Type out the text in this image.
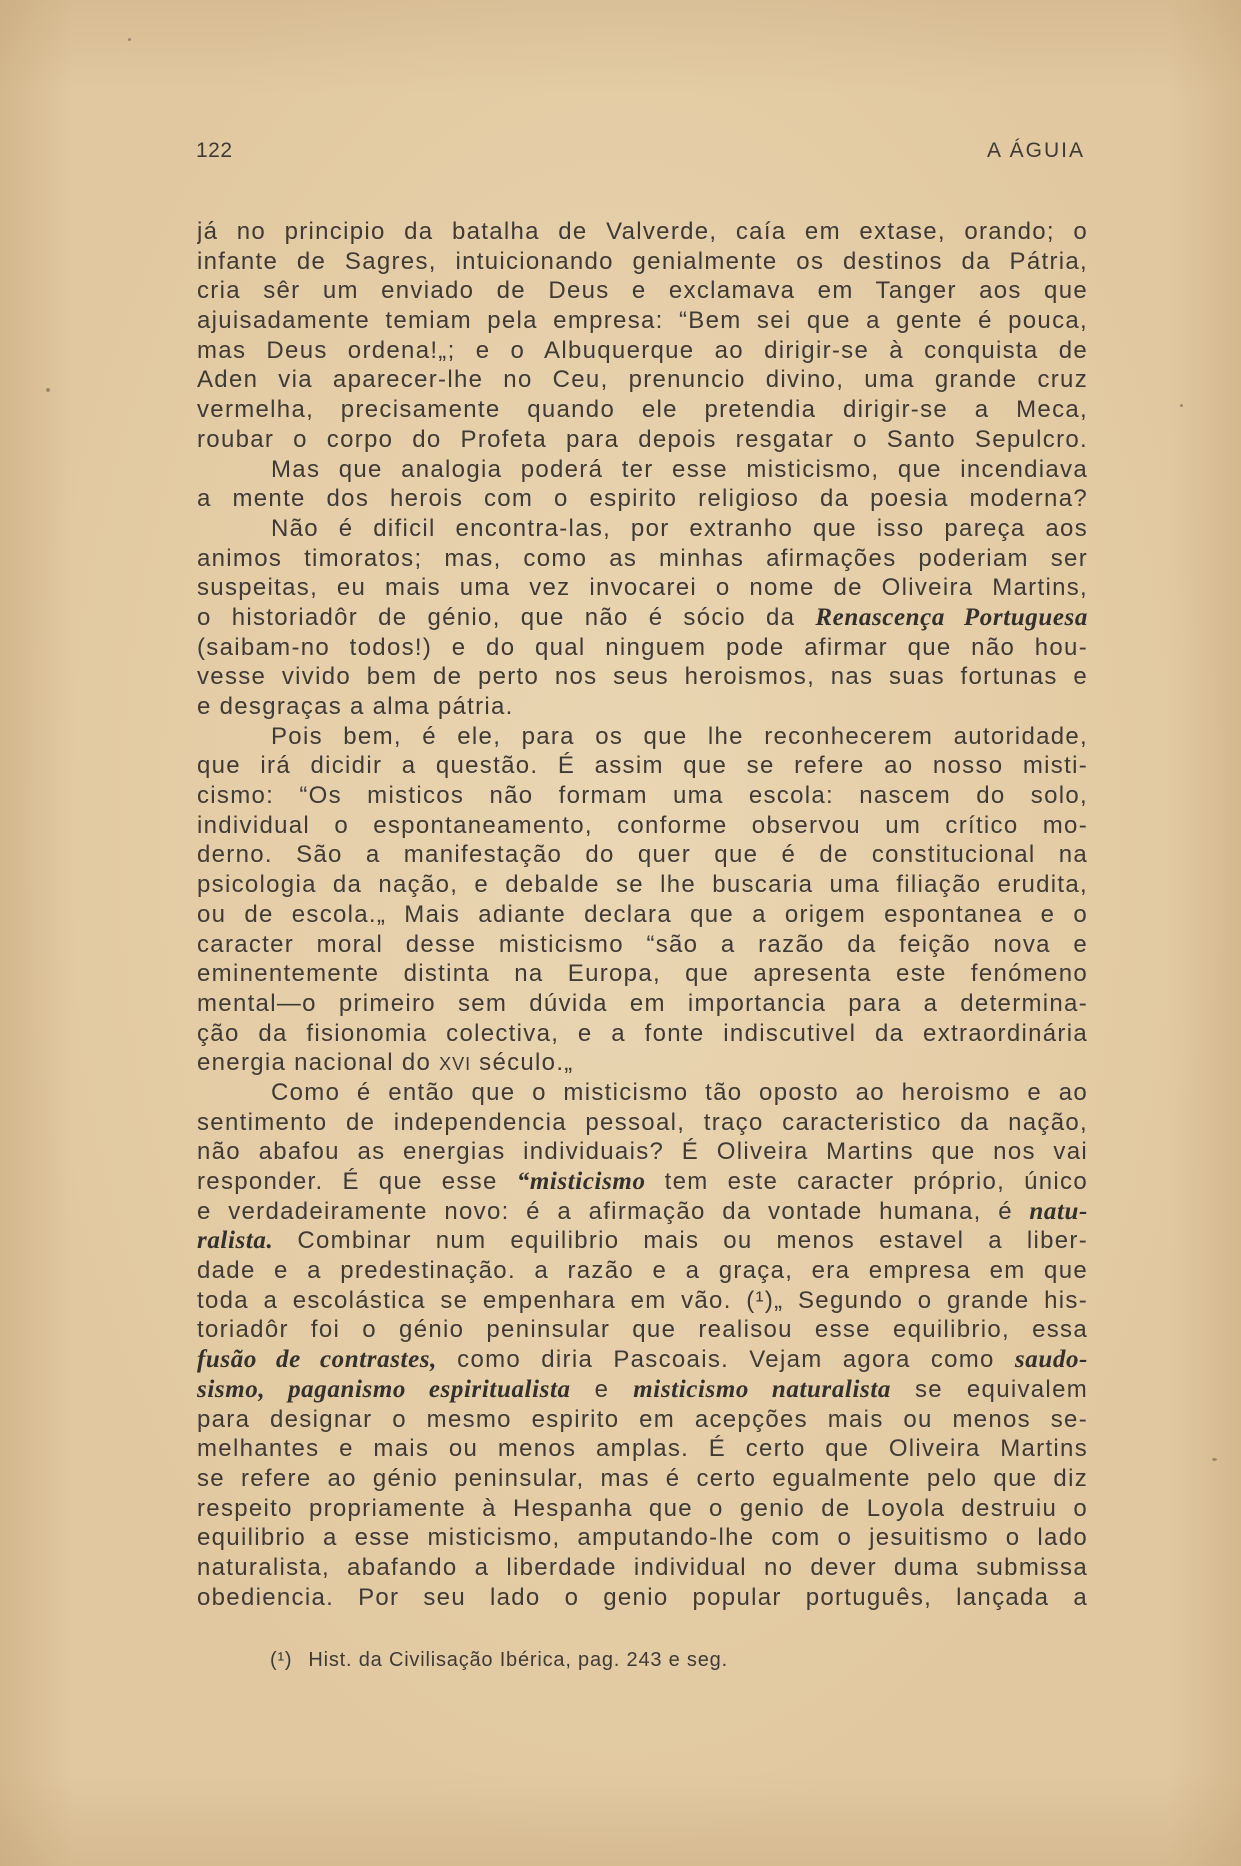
122	A ÁGUIA
já no principio da batalha de Valverde, caía em extase, orando; o
infante de Sagres, intuicionando genialmente os destinos da Pátria,
cria sêr um enviado de Deus e exclamava em Tanger aos que
ajuisadamente temiam pela empresa: “Bem sei que a gente é pouca,
mas Deus ordena!„; e o Albuquerque ao dirigir-se à conquista de
Aden via aparecer-lhe no Ceu, prenuncio divino, uma grande cruz
vermelha, precisamente quando ele pretendia dirigir-se a Meca,
roubar o corpo do Profeta para depois resgatar o Santo Sepulcro.
Mas que analogia poderá ter esse misticismo, que incendiava
a mente dos herois com o espirito religioso da poesia moderna?
Não é dificil encontra-las, por extranho que isso pareça aos
animos timoratos; mas, como as minhas afirmações poderiam ser
suspeitas, eu mais uma vez invocarei o nome de Oliveira Martins,
o historiadôr de génio, que não é sócio da Renascença Portuguesa
(saibam-no todos!) e do qual ninguem pode afirmar que não hou-
vesse vivido bem de perto nos seus heroismos, nas suas fortunas e
e desgraças a alma pátria.
Pois bem, é ele, para os que lhe reconhecerem autoridade,
que irá dicidir a questão. É assim que se refere ao nosso misti-
cismo: “Os misticos não formam uma escola: nascem do solo,
individual o espontaneamento, conforme observou um crítico mo-
derno. São a manifestação do quer que é de constitucional na
psicologia da nação, e debalde se lhe buscaria uma filiação erudita,
ou de escola.„ Mais adiante declara que a origem espontanea e o
caracter moral desse misticismo “são a razão da feição nova e
eminentemente distinta na Europa, que apresenta este fenómeno
mental—o primeiro sem dúvida em importancia para a determina-
ção da fisionomia colectiva, e a fonte indiscutivel da extraordinária
energia nacional do XVI século.„
Como é então que o misticismo tão oposto ao heroismo e ao
sentimento de independencia pessoal, traço caracteristico da nação,
não abafou as energias individuais? É Oliveira Martins que nos vai
responder. É que esse “misticismo tem este caracter próprio, único
e verdadeiramente novo: é a afirmação da vontade humana, é natu-
ralista. Combinar num equilibrio mais ou menos estavel a liber-
dade e a predestinação. a razão e a graça, era empresa em que
toda a escolástica se empenhara em vão. (¹)„ Segundo o grande his-
toriadôr foi o génio peninsular que realisou esse equilibrio, essa
fusão de contrastes, como diria Pascoais. Vejam agora como saudo-
sismo, paganismo espiritualista e misticismo naturalista se equivalem
para designar o mesmo espirito em acepções mais ou menos se-
melhantes e mais ou menos amplas. É certo que Oliveira Martins
se refere ao génio peninsular, mas é certo egualmente pelo que diz
respeito propriamente à Hespanha que o genio de Loyola destruiu o
equilibrio a esse misticismo, amputando-lhe com o jesuitismo o lado
naturalista, abafando a liberdade individual no dever duma submissa
obediencia. Por seu lado o genio popular português, lançada a
(¹) Hist. da Civilisação Ibérica, pag. 243 e seg.
